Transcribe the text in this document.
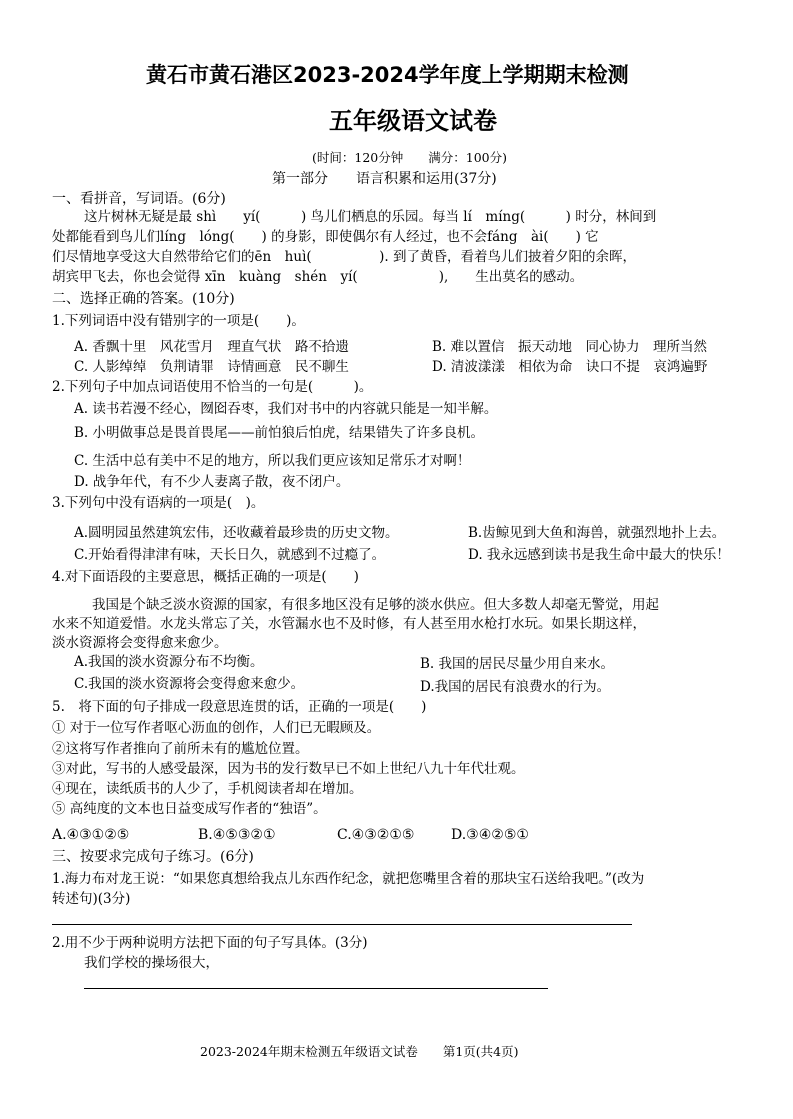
黄石市黄石港区2023-2024学年度上学期期末检测
五年级语文试卷
(时间：120分钟　　满分：100分)
第一部分　　语言积累和运用(37分)
一、看拼音，写词语。(6分)
这片树林无疑是最 shì　　yí(　　　) 鸟儿们栖息的乐园。每当 lí　míng(　　　) 时分，林间到
处都能看到鸟儿们líng　lóng(　　) 的身影，即使偶尔有人经过，也不会fáng　ài(　　) 它
们尽情地享受这大自然带给它们的ēn　huì(　　　　　). 到了黄昏，看着鸟儿们披着夕阳的余晖，
胡宾甲飞去，你也会觉得 xīn　kuàng　shén　yí(　　　　　　),　　生出莫名的感动。
二、选择正确的答案。(10分)
1.下列词语中没有错别字的一项是(　　)。
A. 香飘十里　风花雪月　理直气状　路不拾遗	B. 难以置信　振天动地　同心协力　理所当然
C. 人影绰绰　负荆请罪　诗情画意　民不聊生	D. 清波漾漾　相依为命　诀口不提　哀鸿遍野
2.下列句子中加点词语使用不恰当的一句是(　　　)。
A. 读书若漫不经心，囫囵吞枣，我们对书中的内容就只能是一知半解。
B. 小明做事总是畏首畏尾——前怕狼后怕虎，结果错失了许多良机。
C. 生活中总有美中不足的地方，所以我们更应该知足常乐才对啊！
D. 战争年代，有不少人妻离子散，夜不闭户。
3.下列句中没有语病的一项是(　)。
A.圆明园虽然建筑宏伟，还收藏着最珍贵的历史文物。	B.齿鲸见到大鱼和海兽，就强烈地扑上去。
C.开始看得津津有味，天长日久，就感到不过瘾了。	D. 我永远感到读书是我生命中最大的快乐！
4.对下面语段的主要意思，概括正确的一项是(　　)
我国是个缺乏淡水资源的国家，有很多地区没有足够的淡水供应。但大多数人却毫无警觉，用起
水来不知道爱惜。水龙头常忘了关，水管漏水也不及时修，有人甚至用水枪打水玩。如果长期这样，
淡水资源将会变得愈来愈少。
A.我国的淡水资源分布不均衡。	B. 我国的居民尽量少用自来水。
C.我国的淡水资源将会变得愈来愈少。	D.我国的居民有浪费水的行为。
5.　将下面的句子排成一段意思连贯的话，正确的一项是(　　)
① 对于一位写作者呕心沥血的创作，人们已无暇顾及。
②这将写作者推向了前所未有的尴尬位置。
③对此，写书的人感受最深，因为书的发行数早已不如上世纪八九十年代壮观。
④现在，读纸质书的人少了，手机阅读者却在增加。
⑤ 高纯度的文本也日益变成写作者的“独语”。
A.④③①②⑤	B.④⑤③②①	C.④③②①⑤	D.③④②⑤①
三、按要求完成句子练习。(6分)
1.海力布对龙王说：“如果您真想给我点儿东西作纪念，就把您嘴里含着的那块宝石送给我吧。”(改为
转述句)(3分)
2.用不少于两种说明方法把下面的句子写具体。(3分)
我们学校的操场很大，
2023-2024年期末检测五年级语文试卷　　第1页(共4页)
